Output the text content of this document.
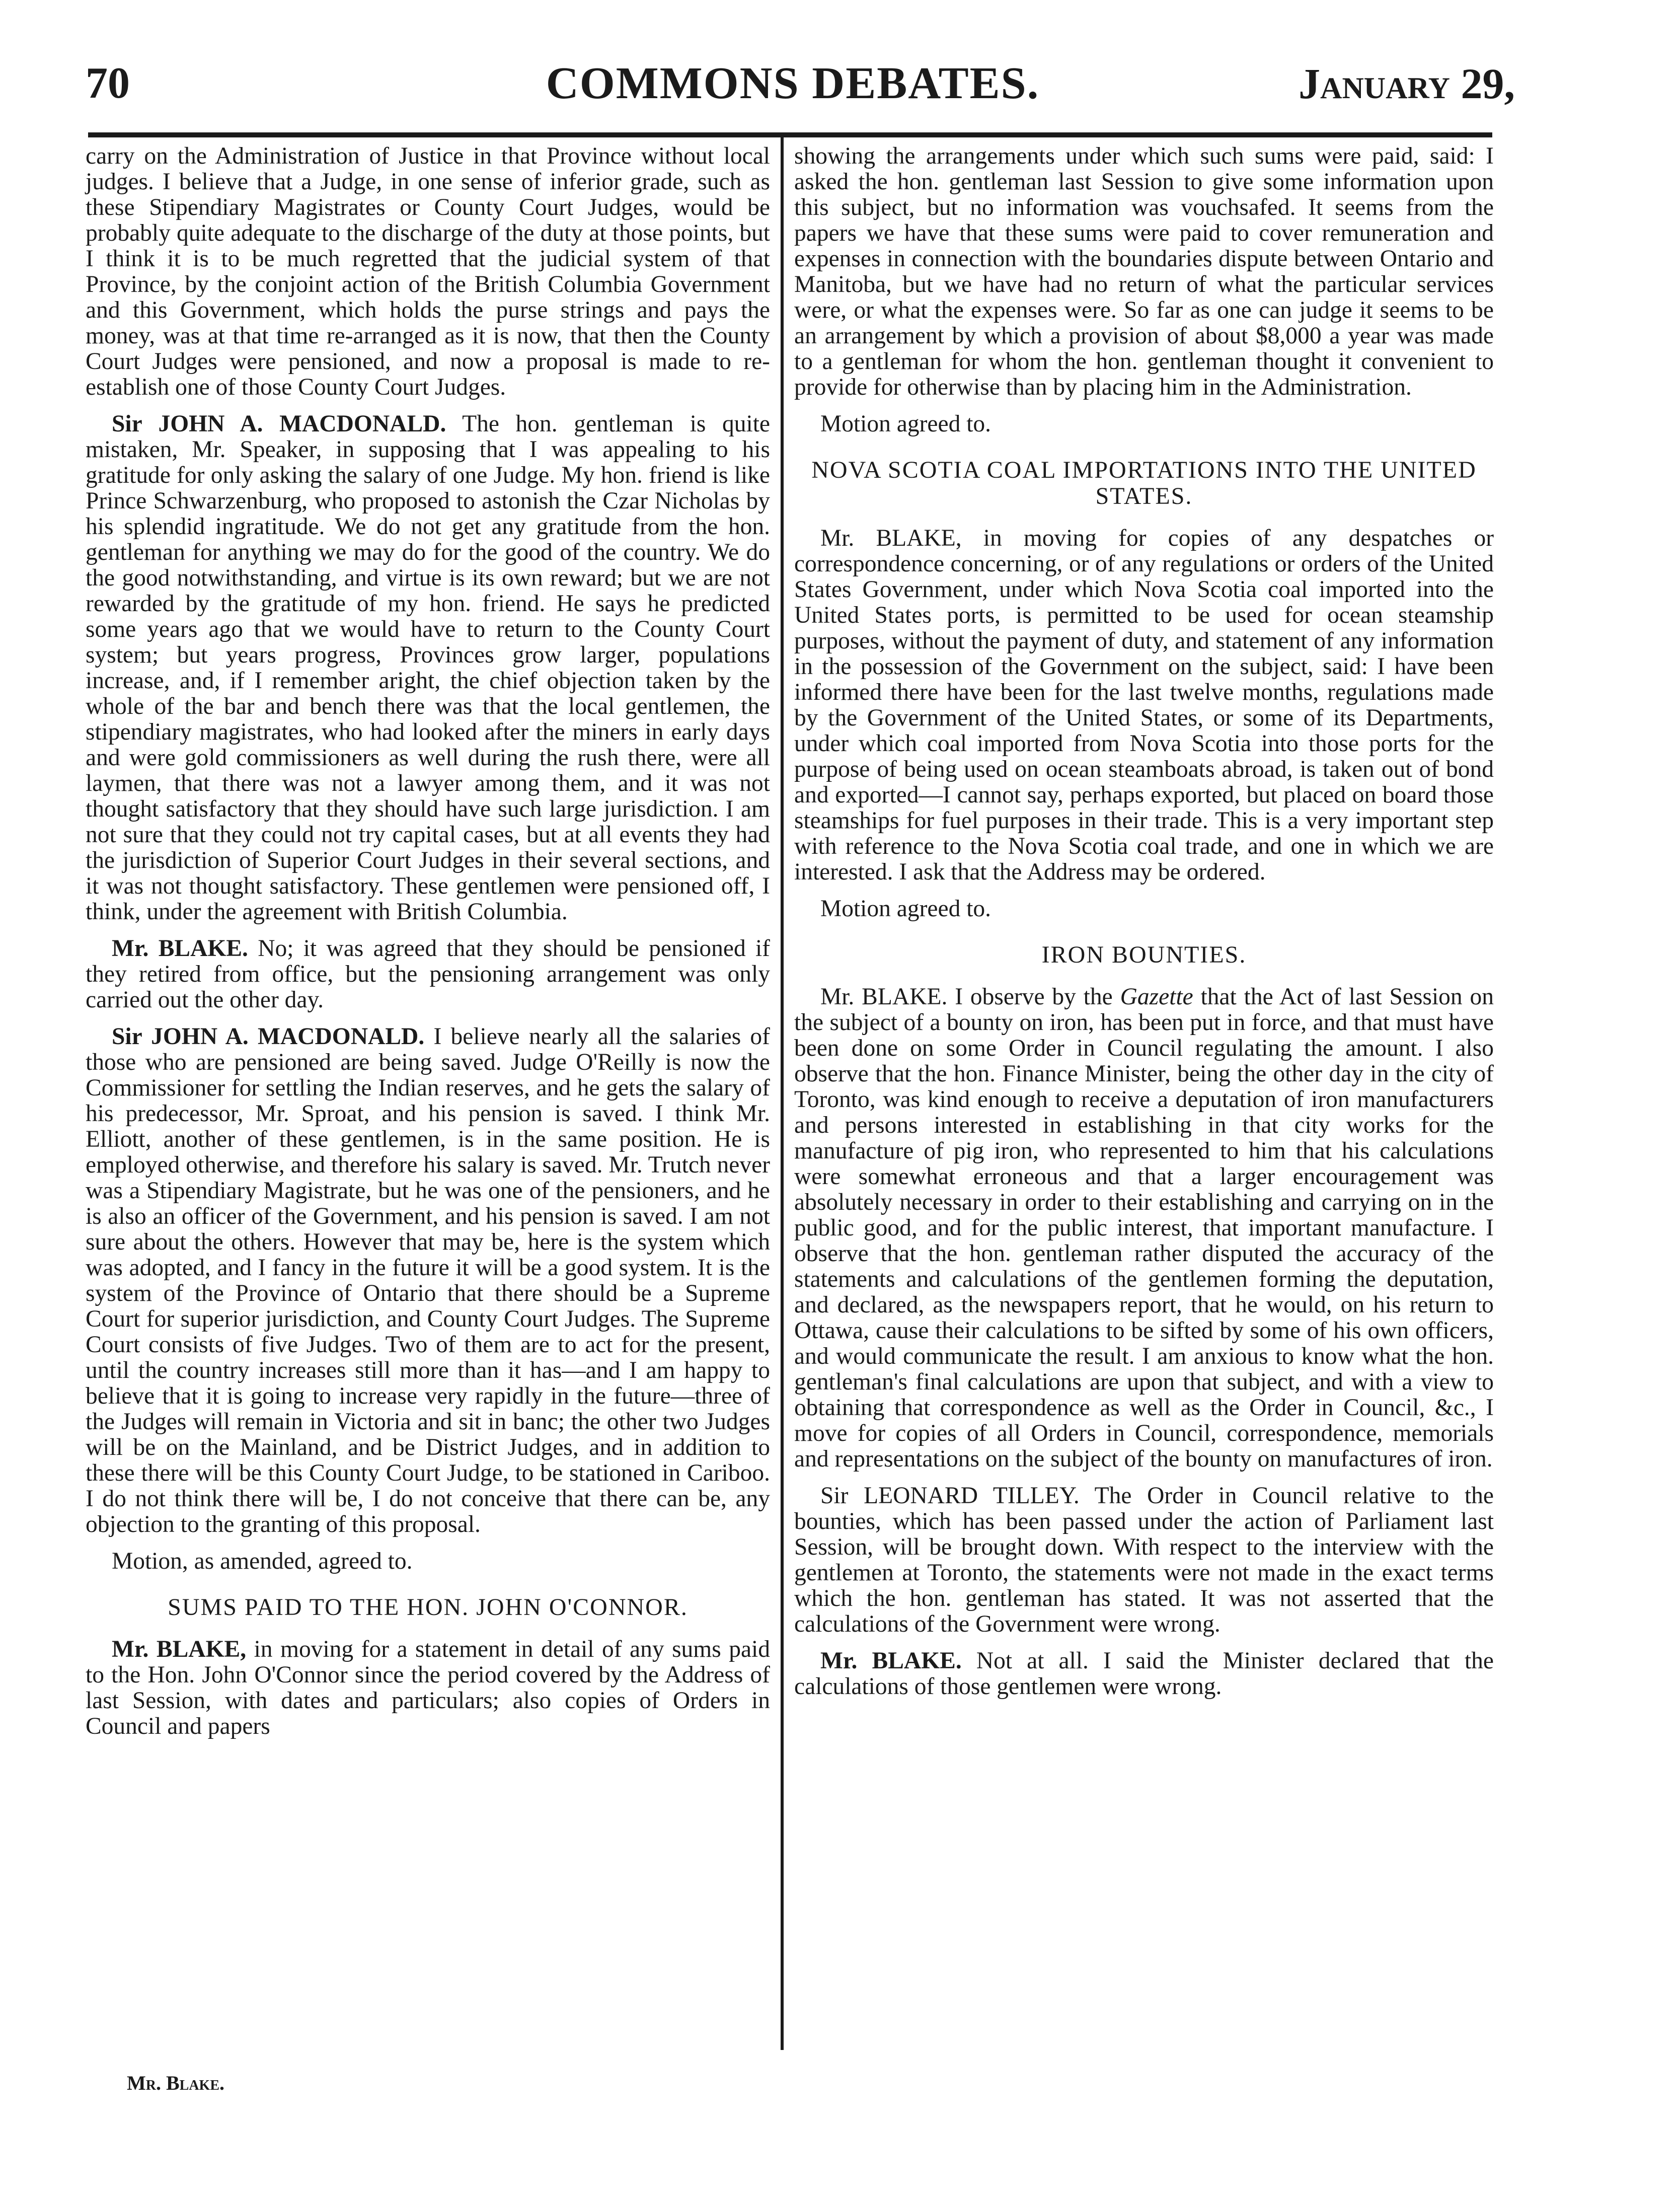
70	COMMONS DEBATES.	January 29,

carry on the Administration of Justice in that Province without local judges. I believe that a Judge, in one sense of inferior grade, such as these Stipendiary Magistrates or County Court Judges, would be probably quite adequate to the discharge of the duty at those points, but I think it is to be much regretted that the judicial system of that Province, by the conjoint action of the British Columbia Government and this Government, which holds the purse strings and pays the money, was at that time re-arranged as it is now, that then the County Court Judges were pensioned, and now a proposal is made to re-establish one of those County Court Judges.

Sir JOHN A. MACDONALD. The hon. gentleman is quite mistaken, Mr. Speaker, in supposing that I was appealing to his gratitude for only asking the salary of one Judge. My hon. friend is like Prince Schwarzenburg, who proposed to astonish the Czar Nicholas by his splendid ingratitude. We do not get any gratitude from the hon. gentleman for anything we may do for the good of the country. We do the good notwithstanding, and virtue is its own reward; but we are not rewarded by the gratitude of my hon. friend. He says he predicted some years ago that we would have to return to the County Court system; but years progress, Provinces grow larger, populations increase, and, if I remember aright, the chief objection taken by the whole of the bar and bench there was that the local gentlemen, the stipendiary magistrates, who had looked after the miners in early days and were gold commissioners as well during the rush there, were all laymen, that there was not a lawyer among them, and it was not thought satisfactory that they should have such large jurisdiction. I am not sure that they could not try capital cases, but at all events they had the jurisdiction of Superior Court Judges in their several sections, and it was not thought satisfactory. These gentlemen were pensioned off, I think, under the agreement with British Columbia.

Mr. BLAKE. No; it was agreed that they should be pensioned if they retired from office, but the pensioning arrangement was only carried out the other day.

Sir JOHN A. MACDONALD. I believe nearly all the salaries of those who are pensioned are being saved. Judge O'Reilly is now the Commissioner for settling the Indian reserves, and he gets the salary of his predecessor, Mr. Sproat, and his pension is saved. I think Mr. Elliott, another of these gentlemen, is in the same position. He is employed otherwise, and therefore his salary is saved. Mr. Trutch never was a Stipendiary Magistrate, but he was one of the pensioners, and he is also an officer of the Government, and his pension is saved. I am not sure about the others. However that may be, here is the system which was adopted, and I fancy in the future it will be a good system. It is the system of the Province of Ontario that there should be a Supreme Court for superior jurisdiction, and County Court Judges. The Supreme Court consists of five Judges. Two of them are to act for the present, until the country increases still more than it has—and I am happy to believe that it is going to increase very rapidly in the future—three of the Judges will remain in Victoria and sit in banc; the other two Judges will be on the Mainland, and be District Judges, and in addition to these there will be this County Court Judge, to be stationed in Cariboo. I do not think there will be, I do not conceive that there can be, any objection to the granting of this proposal.

Motion, as amended, agreed to.

SUMS PAID TO THE HON. JOHN O'CONNOR.

Mr. BLAKE, in moving for a statement in detail of any sums paid to the Hon. John O'Connor since the period covered by the Address of last Session, with dates and particulars; also copies of Orders in Council and papers

Mr. Blake.

showing the arrangements under which such sums were paid, said: I asked the hon. gentleman last Session to give some information upon this subject, but no information was vouchsafed. It seems from the papers we have that these sums were paid to cover remuneration and expenses in connection with the boundaries dispute between Ontario and Manitoba, but we have had no return of what the particular services were, or what the expenses were. So far as one can judge it seems to be an arrangement by which a provision of about $8,000 a year was made to a gentleman for whom the hon. gentleman thought it convenient to provide for otherwise than by placing him in the Administration.

Motion agreed to.

NOVA SCOTIA COAL IMPORTATIONS INTO THE UNITED STATES.

Mr. BLAKE, in moving for copies of any despatches or correspondence concerning, or of any regulations or orders of the United States Government, under which Nova Scotia coal imported into the United States ports, is permitted to be used for ocean steamship purposes, without the payment of duty, and statement of any information in the possession of the Government on the subject, said: I have been informed there have been for the last twelve months, regulations made by the Government of the United States, or some of its Departments, under which coal imported from Nova Scotia into those ports for the purpose of being used on ocean steamboats abroad, is taken out of bond and exported—I cannot say, perhaps exported, but placed on board those steamships for fuel purposes in their trade. This is a very important step with reference to the Nova Scotia coal trade, and one in which we are interested. I ask that the Address may be ordered.

Motion agreed to.

IRON BOUNTIES.

Mr. BLAKE. I observe by the Gazette that the Act of last Session on the subject of a bounty on iron, has been put in force, and that must have been done on some Order in Council regulating the amount. I also observe that the hon. Finance Minister, being the other day in the city of Toronto, was kind enough to receive a deputation of iron manufacturers and persons interested in establishing in that city works for the manufacture of pig iron, who represented to him that his calculations were somewhat erroneous and that a larger encouragement was absolutely necessary in order to their establishing and carrying on in the public good, and for the public interest, that important manufacture. I observe that the hon. gentleman rather disputed the accuracy of the statements and calculations of the gentlemen forming the deputation, and declared, as the newspapers report, that he would, on his return to Ottawa, cause their calculations to be sifted by some of his own officers, and would communicate the result. I am anxious to know what the hon. gentleman's final calculations are upon that subject, and with a view to obtaining that correspondence as well as the Order in Council, &c., I move for copies of all Orders in Council, correspondence, memorials and representations on the subject of the bounty on manufactures of iron.

Sir LEONARD TILLEY. The Order in Council relative to the bounties, which has been passed under the action of Parliament last Session, will be brought down. With respect to the interview with the gentlemen at Toronto, the statements were not made in the exact terms which the hon. gentleman has stated. It was not asserted that the calculations of the Government were wrong.

Mr. BLAKE. Not at all. I said the Minister declared that the calculations of those gentlemen were wrong.
